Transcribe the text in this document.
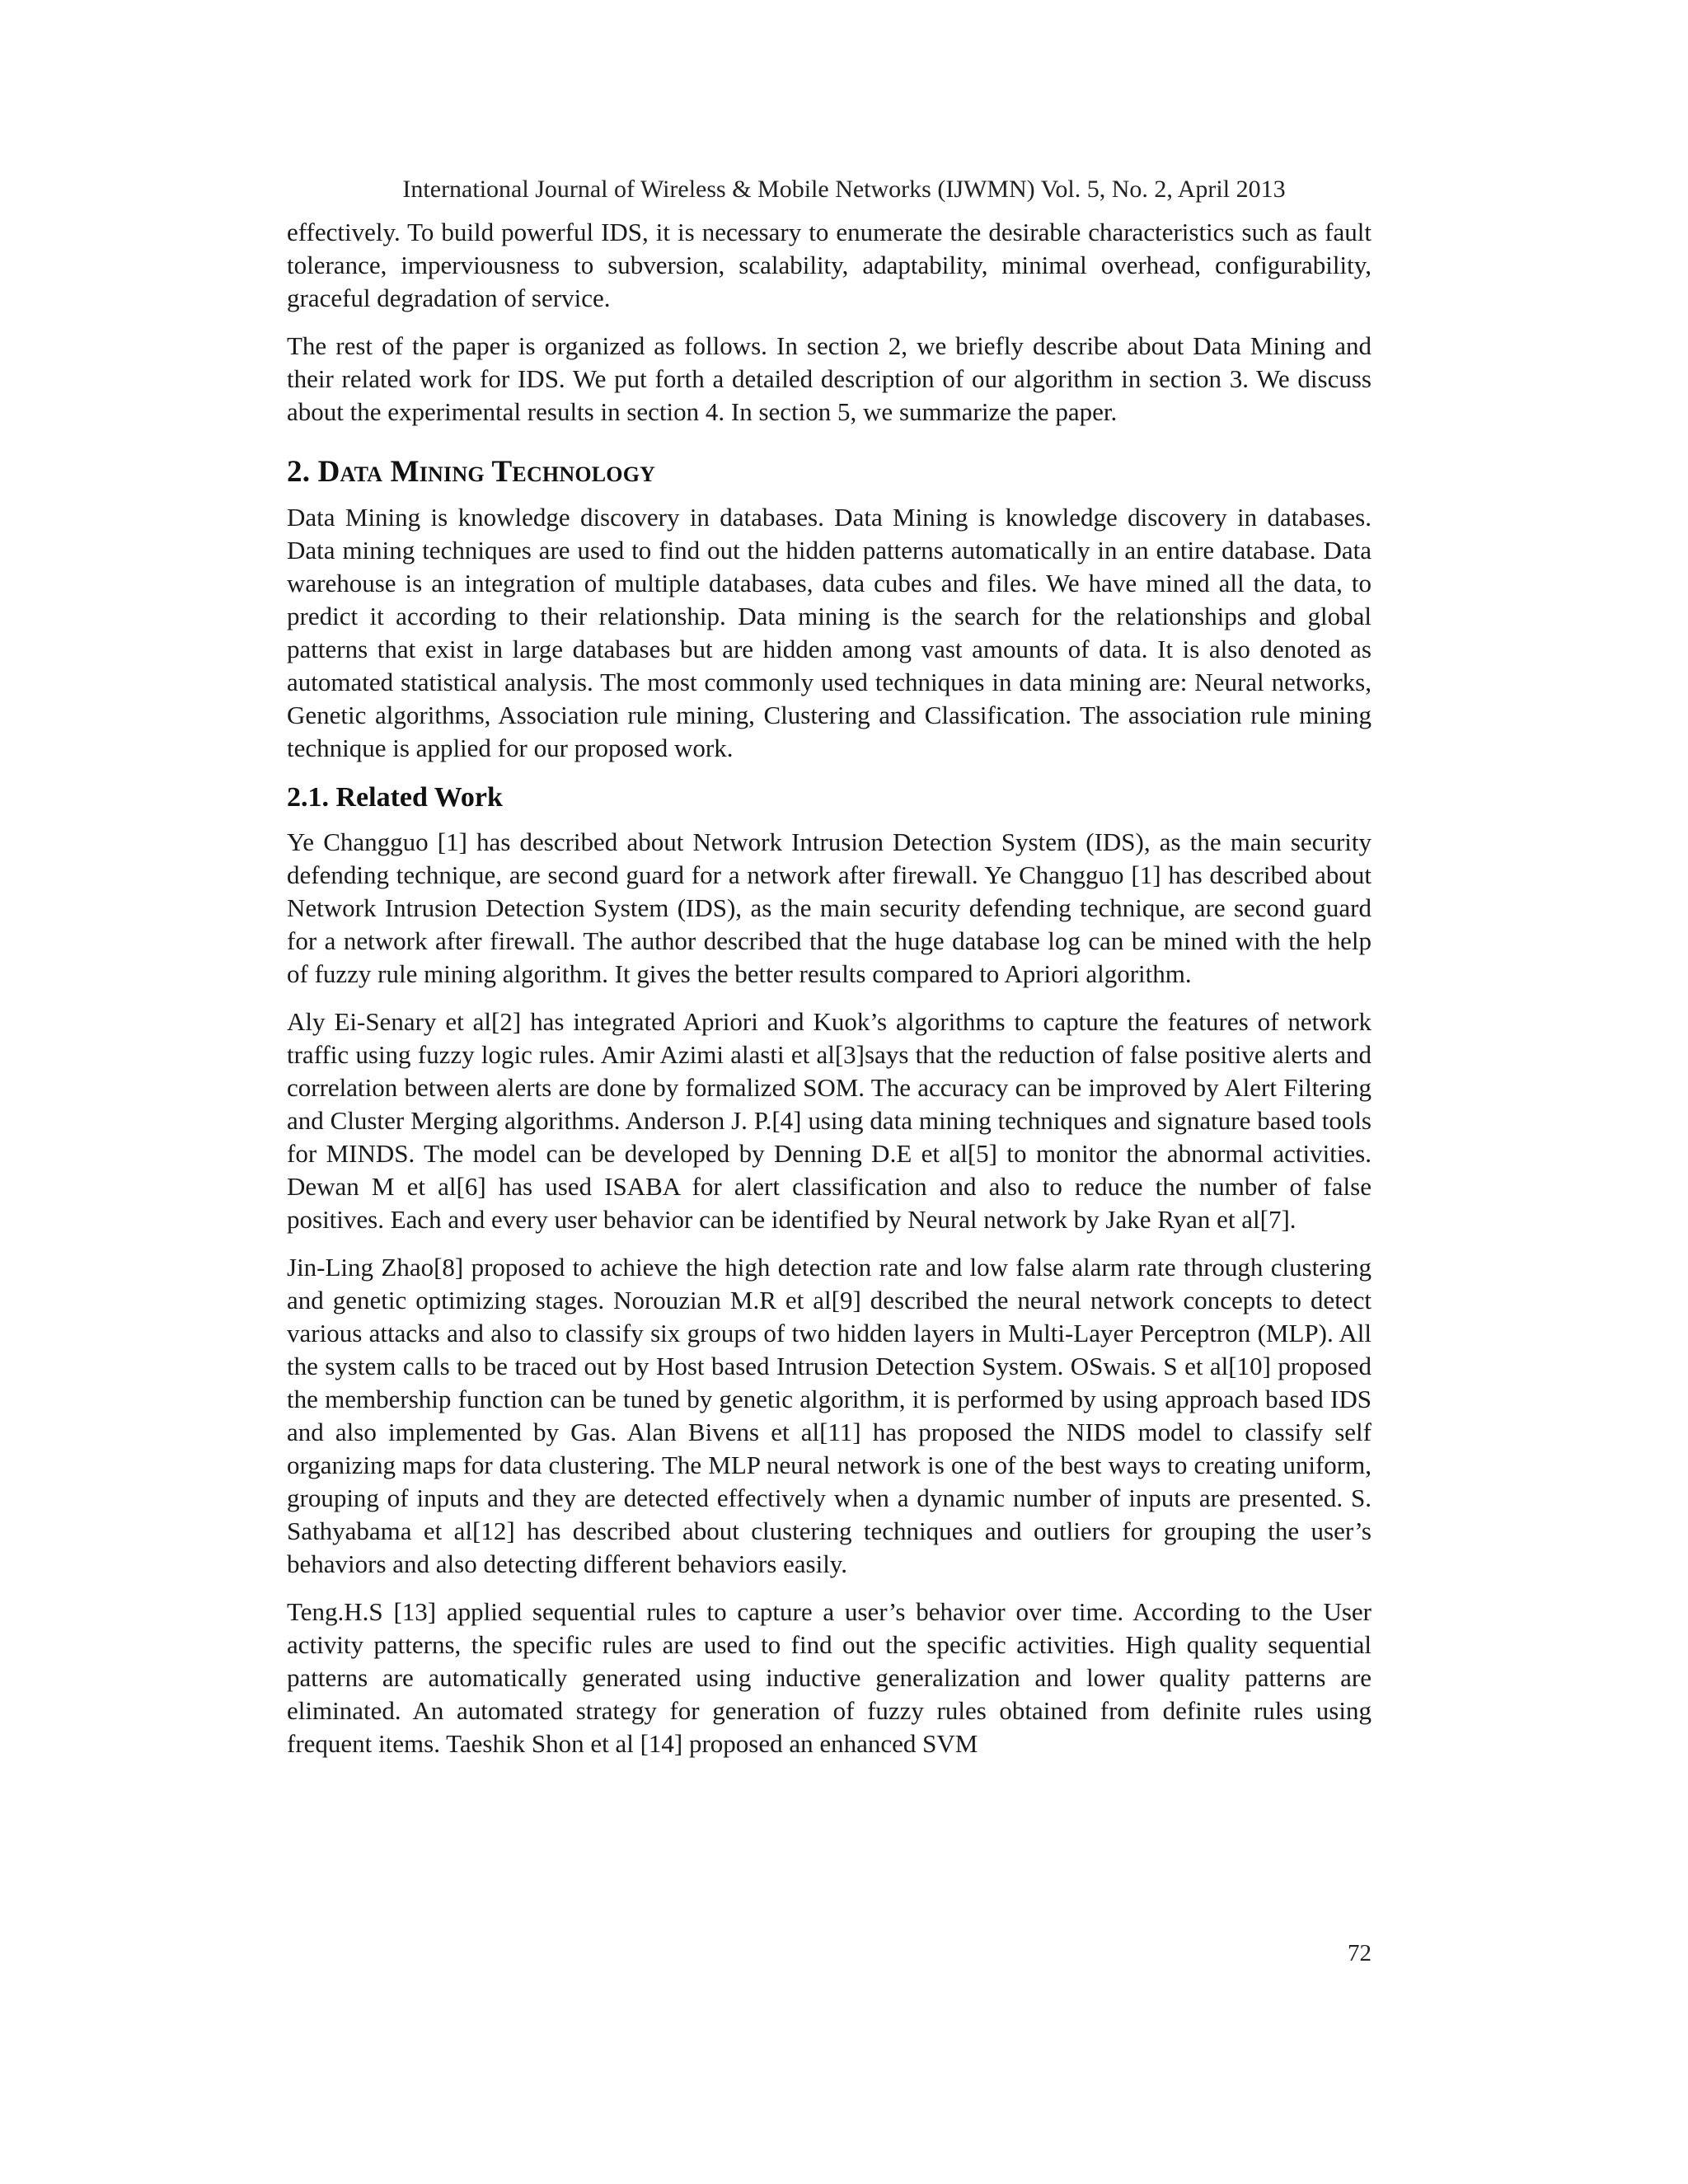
International Journal of Wireless & Mobile Networks (IJWMN) Vol. 5, No. 2, April 2013

effectively. To build powerful IDS, it is necessary to enumerate the desirable characteristics such as fault tolerance, imperviousness to subversion, scalability, adaptability, minimal overhead, configurability, graceful degradation of service.

The rest of the paper is organized as follows. In section 2, we briefly describe about Data Mining and their related work for IDS. We put forth a detailed description of our algorithm in section 3. We discuss about the experimental results in section 4. In section 5, we summarize the paper.

2. Data Mining Technology

Data Mining is knowledge discovery in databases. Data Mining is knowledge discovery in databases. Data mining techniques are used to find out the hidden patterns automatically in an entire database. Data warehouse is an integration of multiple databases, data cubes and files. We have mined all the data, to predict it according to their relationship. Data mining is the search for the relationships and global patterns that exist in large databases but are hidden among vast amounts of data. It is also denoted as automated statistical analysis. The most commonly used techniques in data mining are: Neural networks, Genetic algorithms, Association rule mining, Clustering and Classification. The association rule mining technique is applied for our proposed work.

2.1. Related Work

Ye Changguo [1] has described about Network Intrusion Detection System (IDS), as the main security defending technique, are second guard for a network after firewall. Ye Changguo [1] has described about Network Intrusion Detection System (IDS), as the main security defending technique, are second guard for a network after firewall. The author described that the huge database log can be mined with the help of fuzzy rule mining algorithm. It gives the better results compared to Apriori algorithm.

Aly Ei-Senary et al[2] has integrated Apriori and Kuok’s algorithms to capture the features of network traffic using fuzzy logic rules. Amir Azimi alasti et al[3]says that the reduction of false positive alerts and correlation between alerts are done by formalized SOM. The accuracy can be improved by Alert Filtering and Cluster Merging algorithms. Anderson J. P.[4] using data mining techniques and signature based tools for MINDS. The model can be developed by Denning D.E et al[5] to monitor the abnormal activities. Dewan M et al[6] has used ISABA for alert classification and also to reduce the number of false positives. Each and every user behavior can be identified by Neural network by Jake Ryan et al[7].

Jin-Ling Zhao[8] proposed to achieve the high detection rate and low false alarm rate through clustering and genetic optimizing stages. Norouzian M.R et al[9] described the neural network concepts to detect various attacks and also to classify six groups of two hidden layers in Multi-Layer Perceptron (MLP). All the system calls to be traced out by Host based Intrusion Detection System. OSwais. S et al[10] proposed the membership function can be tuned by genetic algorithm, it is performed by using approach based IDS and also implemented by Gas. Alan Bivens et al[11] has proposed the NIDS model to classify self organizing maps for data clustering. The MLP neural network is one of the best ways to creating uniform, grouping of inputs and they are detected effectively when a dynamic number of inputs are presented. S. Sathyabama et al[12] has described about clustering techniques and outliers for grouping the user’s behaviors and also detecting different behaviors easily.

Teng.H.S [13] applied sequential rules to capture a user’s behavior over time. According to the User activity patterns, the specific rules are used to find out the specific activities. High quality sequential patterns are automatically generated using inductive generalization and lower quality patterns are eliminated. An automated strategy for generation of fuzzy rules obtained from definite rules using frequent items. Taeshik Shon et al [14] proposed an enhanced SVM

72
